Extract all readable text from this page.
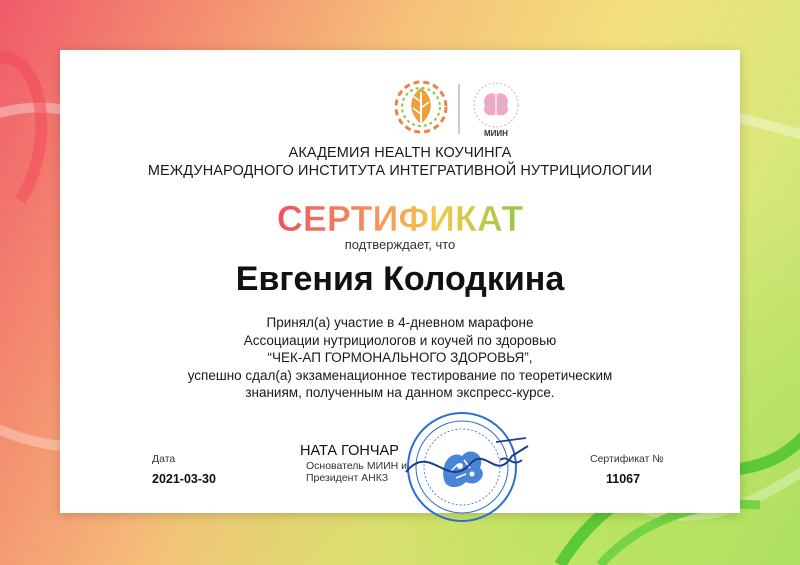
МИИН
АКАДЕМИЯ HEALTH КОУЧИНГА
МЕЖДУНАРОДНОГО ИНСТИТУТА ИНТЕГРАТИВНОЙ НУТРИЦИОЛОГИИ
СЕРТИФИКАТ
подтверждает, что
Евгения Колодкина
Принял(а) участие в 4-дневном марафоне
Ассоциации нутрициологов и коучей по здоровью
“ЧЕК-АП ГОРМОНАЛЬНОГО ЗДОРОВЬЯ”,
успешно сдал(а) экзаменационное тестирование по теоретическим
знаниям, полученным на данном экспресс-курсе.
Дата
2021-03-30
НАТА ГОНЧАР
Основатель МИИН и
Президент АНКЗ
Сертификат №
11067
